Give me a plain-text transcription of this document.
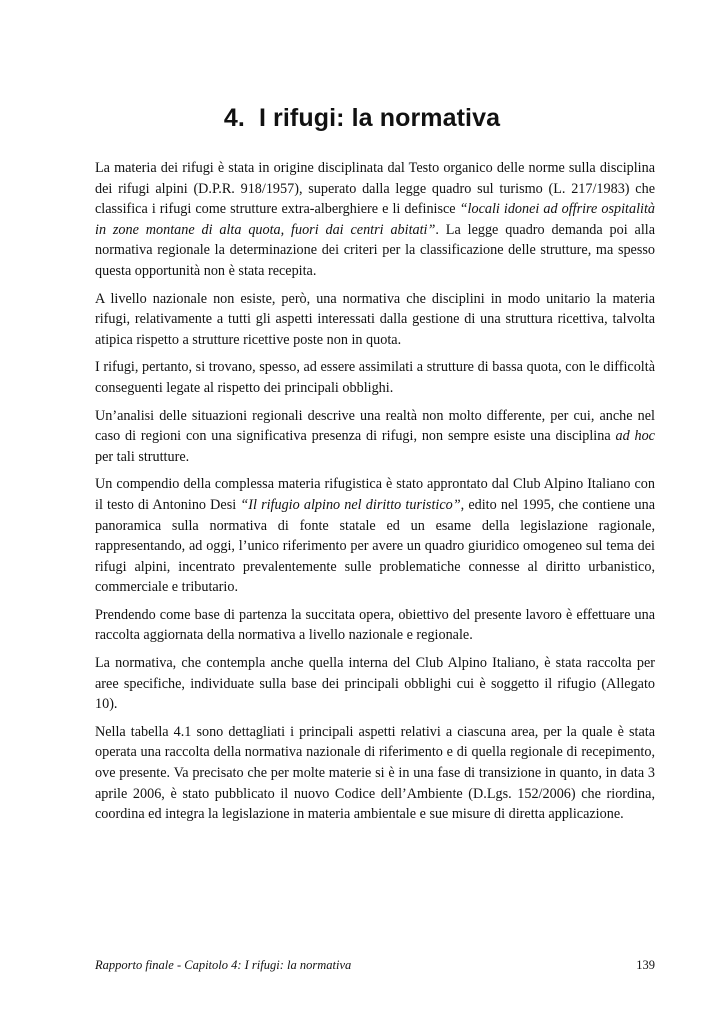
4. I rifugi: la normativa

La materia dei rifugi è stata in origine disciplinata dal Testo organico delle norme sulla disciplina dei rifugi alpini (D.P.R. 918/1957), superato dalla legge quadro sul turismo (L. 217/1983) che classifica i rifugi come strutture extra-alberghiere e li definisce “locali idonei ad offrire ospitalità in zone montane di alta quota, fuori dai centri abitati”. La legge quadro demanda poi alla normativa regionale la determinazione dei criteri per la classificazione delle strutture, ma spesso questa opportunità non è stata recepita.

A livello nazionale non esiste, però, una normativa che disciplini in modo unitario la materia rifugi, relativamente a tutti gli aspetti interessati dalla gestione di una struttura ricettiva, talvolta atipica rispetto a strutture ricettive poste non in quota.

I rifugi, pertanto, si trovano, spesso, ad essere assimilati a strutture di bassa quota, con le difficoltà conseguenti legate al rispetto dei principali obblighi.

Un’analisi delle situazioni regionali descrive una realtà non molto differente, per cui, anche nel caso di regioni con una significativa presenza di rifugi, non sempre esiste una disciplina ad hoc per tali strutture.

Un compendio della complessa materia rifugistica è stato approntato dal Club Alpino Italiano con il testo di Antonino Desi “Il rifugio alpino nel diritto turistico”, edito nel 1995, che contiene una panoramica sulla normativa di fonte statale ed un esame della legislazione ragionale, rappresentando, ad oggi, l’unico riferimento per avere un quadro giuridico omogeneo sul tema dei rifugi alpini, incentrato prevalentemente sulle problematiche connesse al diritto urbanistico, commerciale e tributario.

Prendendo come base di partenza la succitata opera, obiettivo del presente lavoro è effettuare una raccolta aggiornata della normativa a livello nazionale e regionale.

La normativa, che contempla anche quella interna del Club Alpino Italiano, è stata raccolta per aree specifiche, individuate sulla base dei principali obblighi cui è soggetto il rifugio (Allegato 10).

Nella tabella 4.1 sono dettagliati i principali aspetti relativi a ciascuna area, per la quale è stata operata una raccolta della normativa nazionale di riferimento e di quella regionale di recepimento, ove presente. Va precisato che per molte materie si è in una fase di transizione in quanto, in data 3 aprile 2006, è stato pubblicato il nuovo Codice dell’Ambiente (D.Lgs. 152/2006) che riordina, coordina ed integra la legislazione in materia ambientale e sue misure di diretta applicazione.

Rapporto finale - Capitolo 4: I rifugi: la normativa	139
